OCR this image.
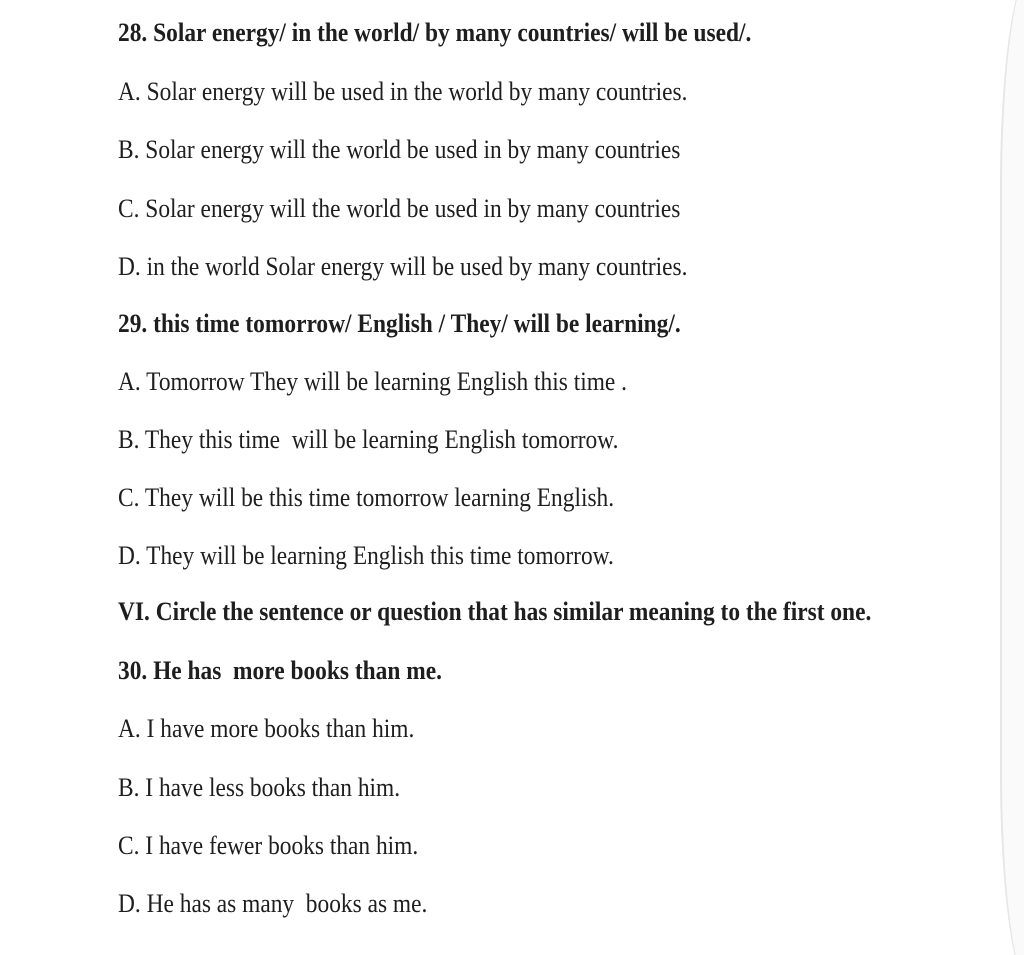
28. Solar energy/ in the world/ by many countries/ will be used/.
A. Solar energy will be used in the world by many countries.
B. Solar energy will the world be used in by many countries
C. Solar energy will the world be used in by many countries
D. in the world Solar energy will be used by many countries.
29. this time tomorrow/ English / They/ will be learning/.
A. Tomorrow They will be learning English this time .
B. They this time  will be learning English tomorrow.
C. They will be this time tomorrow learning English.
D. They will be learning English this time tomorrow.
VI. Circle the sentence or question that has similar meaning to the first one.
30. He has  more books than me.
A. I have more books than him.
B. I have less books than him.
C. I have fewer books than him.
D. He has as many  books as me.
